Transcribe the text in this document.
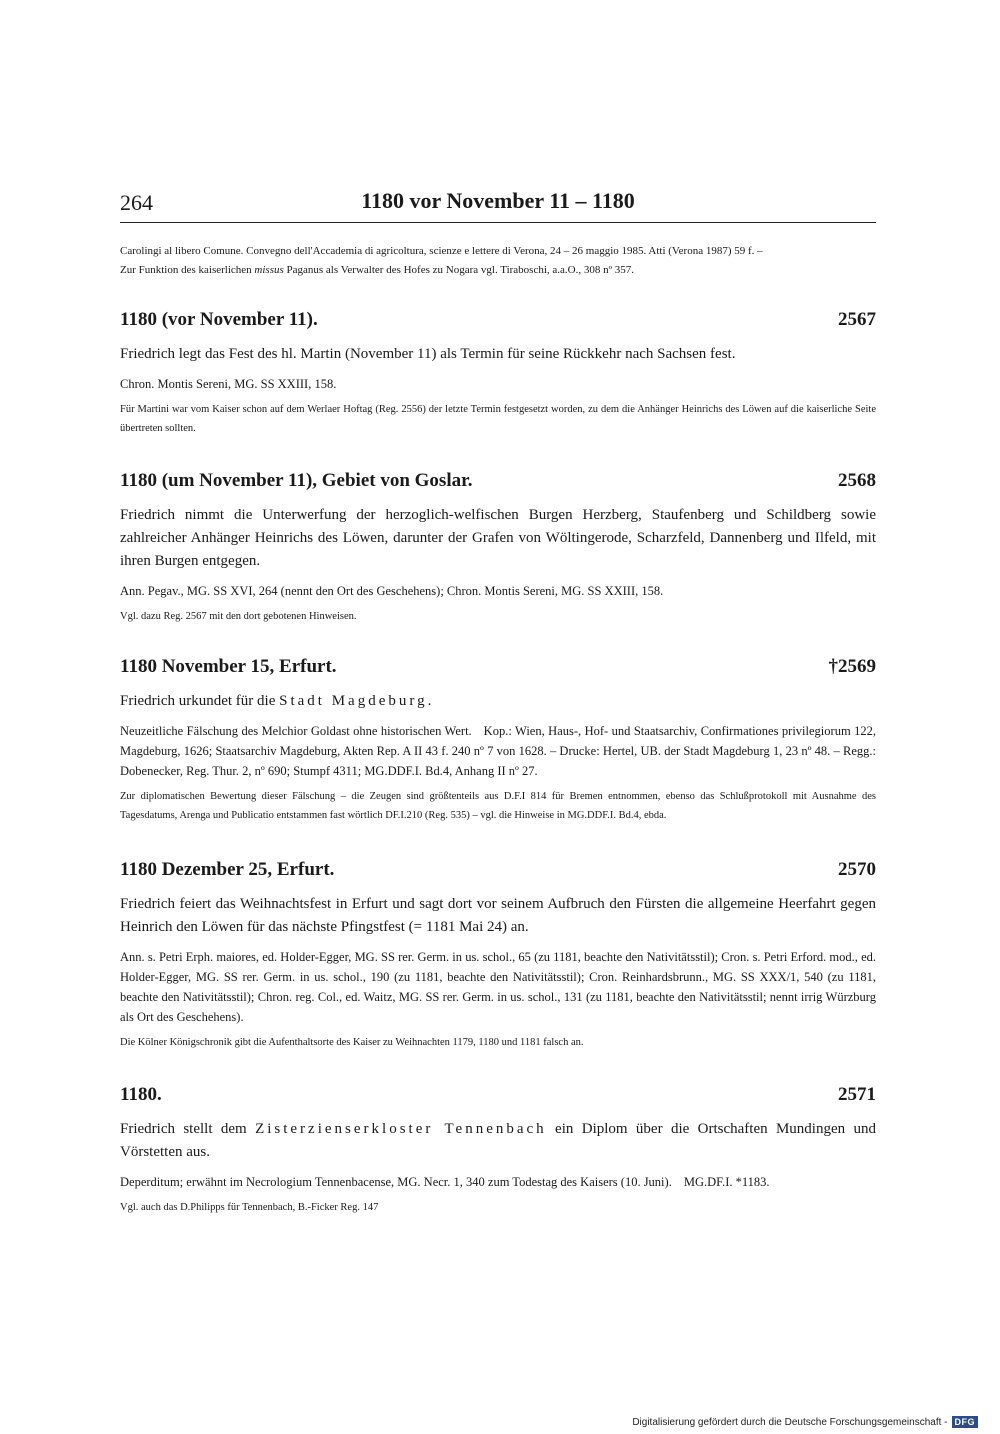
264	1180 vor November 11 – 1180

Carolingi al libero Comune. Convegno dell'Accademia di agricoltura, scienze e lettere di Verona, 24 – 26 maggio 1985. Atti (Verona 1987) 59 f. –

Zur Funktion des kaiserlichen missus Paganus als Verwalter des Hofes zu Nogara vgl. Tiraboschi, a.a.O., 308 nº 357.

1180 (vor November 11).	2567

Friedrich legt das Fest des hl. Martin (November 11) als Termin für seine Rückkehr nach Sachsen fest.

Chron. Montis Sereni, MG. SS XXIII, 158.

Für Martini war vom Kaiser schon auf dem Werlaer Hoftag (Reg. 2556) der letzte Termin festgesetzt worden, zu dem die Anhänger Heinrichs des Löwen auf die kaiserliche Seite übertreten sollten.

1180 (um November 11), Gebiet von Goslar.	2568

Friedrich nimmt die Unterwerfung der herzoglich-welfischen Burgen Herzberg, Staufenberg und Schildberg sowie zahlreicher Anhänger Heinrichs des Löwen, darunter der Grafen von Wöltingerode, Scharzfeld, Dannenberg und Ilfeld, mit ihren Burgen entgegen.

Ann. Pegav., MG. SS XVI, 264 (nennt den Ort des Geschehens); Chron. Montis Sereni, MG. SS XXIII, 158.

Vgl. dazu Reg. 2567 mit den dort gebotenen Hinweisen.

1180 November 15, Erfurt.	†2569

Friedrich urkundet für die Stadt Magdeburg.

Neuzeitliche Fälschung des Melchior Goldast ohne historischen Wert. Kop.: Wien, Haus-, Hof- und Staatsarchiv, Confirmationes privilegiorum 122, Magdeburg, 1626; Staatsarchiv Magdeburg, Akten Rep. A II 43 f. 240 nº 7 von 1628. – Drucke: Hertel, UB. der Stadt Magdeburg 1, 23 nº 48. – Regg.: Dobenecker, Reg. Thur. 2, nº 690; Stumpf 4311; MG.DDF.I. Bd.4, Anhang II nº 27.

Zur diplomatischen Bewertung dieser Fälschung – die Zeugen sind größtenteils aus D.F.I 814 für Bremen entnommen, ebenso das Schlußprotokoll mit Ausnahme des Tagesdatums, Arenga und Publicatio entstammen fast wörtlich DF.I.210 (Reg. 535) – vgl. die Hinweise in MG.DDF.I. Bd.4, ebda.

1180 Dezember 25, Erfurt.	2570

Friedrich feiert das Weihnachtsfest in Erfurt und sagt dort vor seinem Aufbruch den Fürsten die allgemeine Heerfahrt gegen Heinrich den Löwen für das nächste Pfingstfest (= 1181 Mai 24) an.

Ann. s. Petri Erph. maiores, ed. Holder-Egger, MG. SS rer. Germ. in us. schol., 65 (zu 1181, beachte den Nativitätsstil); Cron. s. Petri Erford. mod., ed. Holder-Egger, MG. SS rer. Germ. in us. schol., 190 (zu 1181, beachte den Nativitätsstil); Cron. Reinhardsbrunn., MG. SS XXX/1, 540 (zu 1181, beachte den Nativitätsstil); Chron. reg. Col., ed. Waitz, MG. SS rer. Germ. in us. schol., 131 (zu 1181, beachte den Nativitätsstil; nennt irrig Würzburg als Ort des Geschehens).

Die Kölner Königschronik gibt die Aufenthaltsorte des Kaiser zu Weihnachten 1179, 1180 und 1181 falsch an.

1180.	2571

Friedrich stellt dem Zisterzienserkloster Tennenbach ein Diplom über die Ortschaften Mundingen und Vörstetten aus.

Deperditum; erwähnt im Necrologium Tennenbacense, MG. Necr. 1, 340 zum Todestag des Kaisers (10. Juni). MG.DF.I. *1183.

Vgl. auch das D.Philipps für Tennenbach, B.-Ficker Reg. 147

Digitalisierung gefördert durch die Deutsche Forschungsgemeinschaft - DFG
